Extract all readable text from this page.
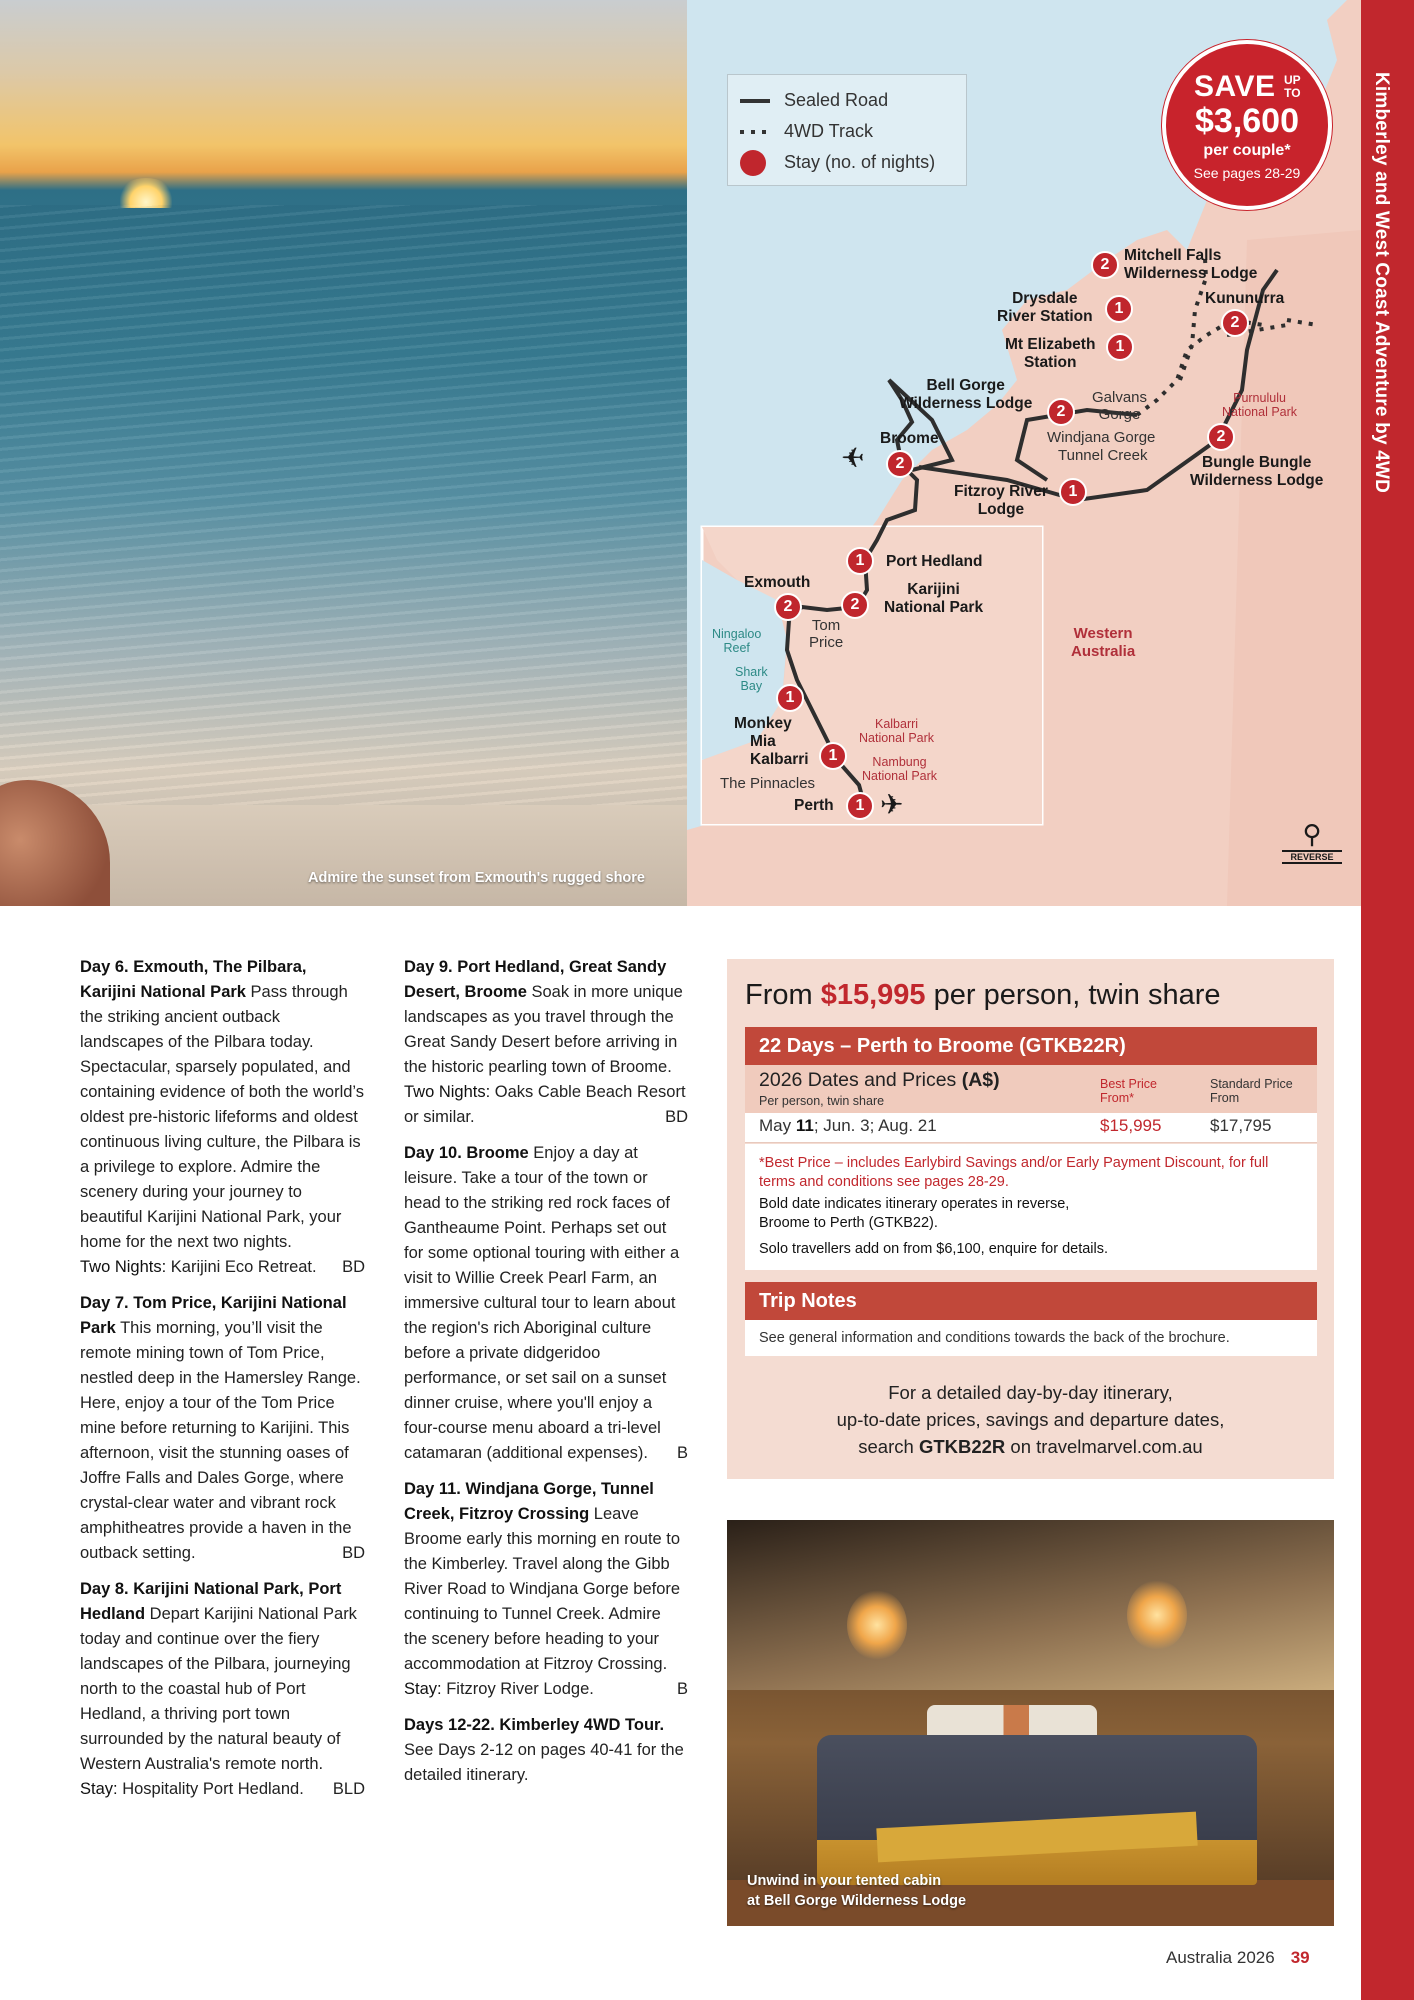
Admire the sunset from Exmouth's rugged shore
Sealed Road
4WD Track
Stay (no. of nights)
SAVE UP
TO
$3,600
per couple*
See pages 28-29
2
1
1
2
2
2
2
1
1
2
2
1
1
1
Mitchell Falls
Wilderness Lodge
Drysdale
River Station
Mt Elizabeth
Station
Kununurra
Bell Gorge
Wilderness Lodge	Galvans
Gorge
Windjana Gorge
Tunnel Creek
Purnululu
National Park
Bungle Bungle
Wilderness Lodge
Broome
Fitzroy River
Lodge
Port Hedland
Karijini
National Park
Exmouth
Tom
Price
Ningaloo
Reef
Shark
Bay
Monkey
Mia
Kalbarri
Kalbarri
National Park
Nambung
National Park
The Pinnacles
Perth
Western
Australia
✈
✈
⚲
REVERSE
Kimberley and West Coast Adventure by 4WD
Day 6. Exmouth, The Pilbara, Karijini National Park Pass through the striking ancient outback landscapes of the Pilbara today. Spectacular, sparsely populated, and containing evidence of both the world’s oldest pre-historic lifeforms and oldest continuous living culture, the Pilbara is a privilege to explore. Admire the scenery during your journey to beautiful Karijini National Park, your home for the next two nights.
Two Nights: Karijini Eco Retreat. BD
Day 7. Tom Price, Karijini National Park This morning, you’ll visit the remote mining town of Tom Price, nestled deep in the Hamersley Range. Here, enjoy a tour of the Tom Price mine before returning to Karijini. This afternoon, visit the stunning oases of Joffre Falls and Dales Gorge, where crystal-clear water and vibrant rock amphitheatres provide a haven in the outback setting.	BD
Day 8. Karijini National Park, Port Hedland Depart Karijini National Park today and continue over the fiery landscapes of the Pilbara, journeying north to the coastal hub of Port Hedland, a thriving port town surrounded by the natural beauty of Western Australia's remote north.
Stay: Hospitality Port Hedland. BLD
Day 9. Port Hedland, Great Sandy Desert, Broome Soak in more unique landscapes as you travel through the Great Sandy Desert before arriving in the historic pearling town of Broome.
Two Nights: Oaks Cable Beach Resort or similar.	BD
Day 10. Broome Enjoy a day at leisure. Take a tour of the town or head to the striking red rock faces of Gantheaume Point. Perhaps set out for some optional touring with either a visit to Willie Creek Pearl Farm, an immersive cultural tour to learn about the region's rich Aboriginal culture before a private didgeridoo performance, or set sail on a sunset dinner cruise, where you'll enjoy a four-course menu aboard a tri-level catamaran (additional expenses). B
Day 11. Windjana Gorge, Tunnel Creek, Fitzroy Crossing Leave Broome early this morning en route to the Kimberley. Travel along the Gibb River Road to Windjana Gorge before continuing to Tunnel Creek. Admire the scenery before heading to your accommodation at Fitzroy Crossing.
Stay: Fitzroy River Lodge.	B
Days 12-22. Kimberley 4WD Tour. See Days 2-12 on pages 40-41 for the detailed itinerary.
From $15,995 per person, twin share
22 Days – Perth to Broome (GTKB22R)
2026 Dates and Prices (A$)
Per person, twin share
Best Price
From*
Standard Price
From
May 11; Jun. 3; Aug. 21	$15,995	$17,795
*Best Price – includes Earlybird Savings and/or Early Payment Discount, for full terms and conditions see pages 28-29.
Bold date indicates itinerary operates in reverse,
Broome to Perth (GTKB22).
Solo travellers add on from $6,100, enquire for details.
Trip Notes
See general information and conditions towards the back of the brochure.
For a detailed day-by-day itinerary,
up-to-date prices, savings and departure dates,
search GTKB22R on travelmarvel.com.au
Unwind in your tented cabin
at Bell Gorge Wilderness Lodge
Australia 2026 39
